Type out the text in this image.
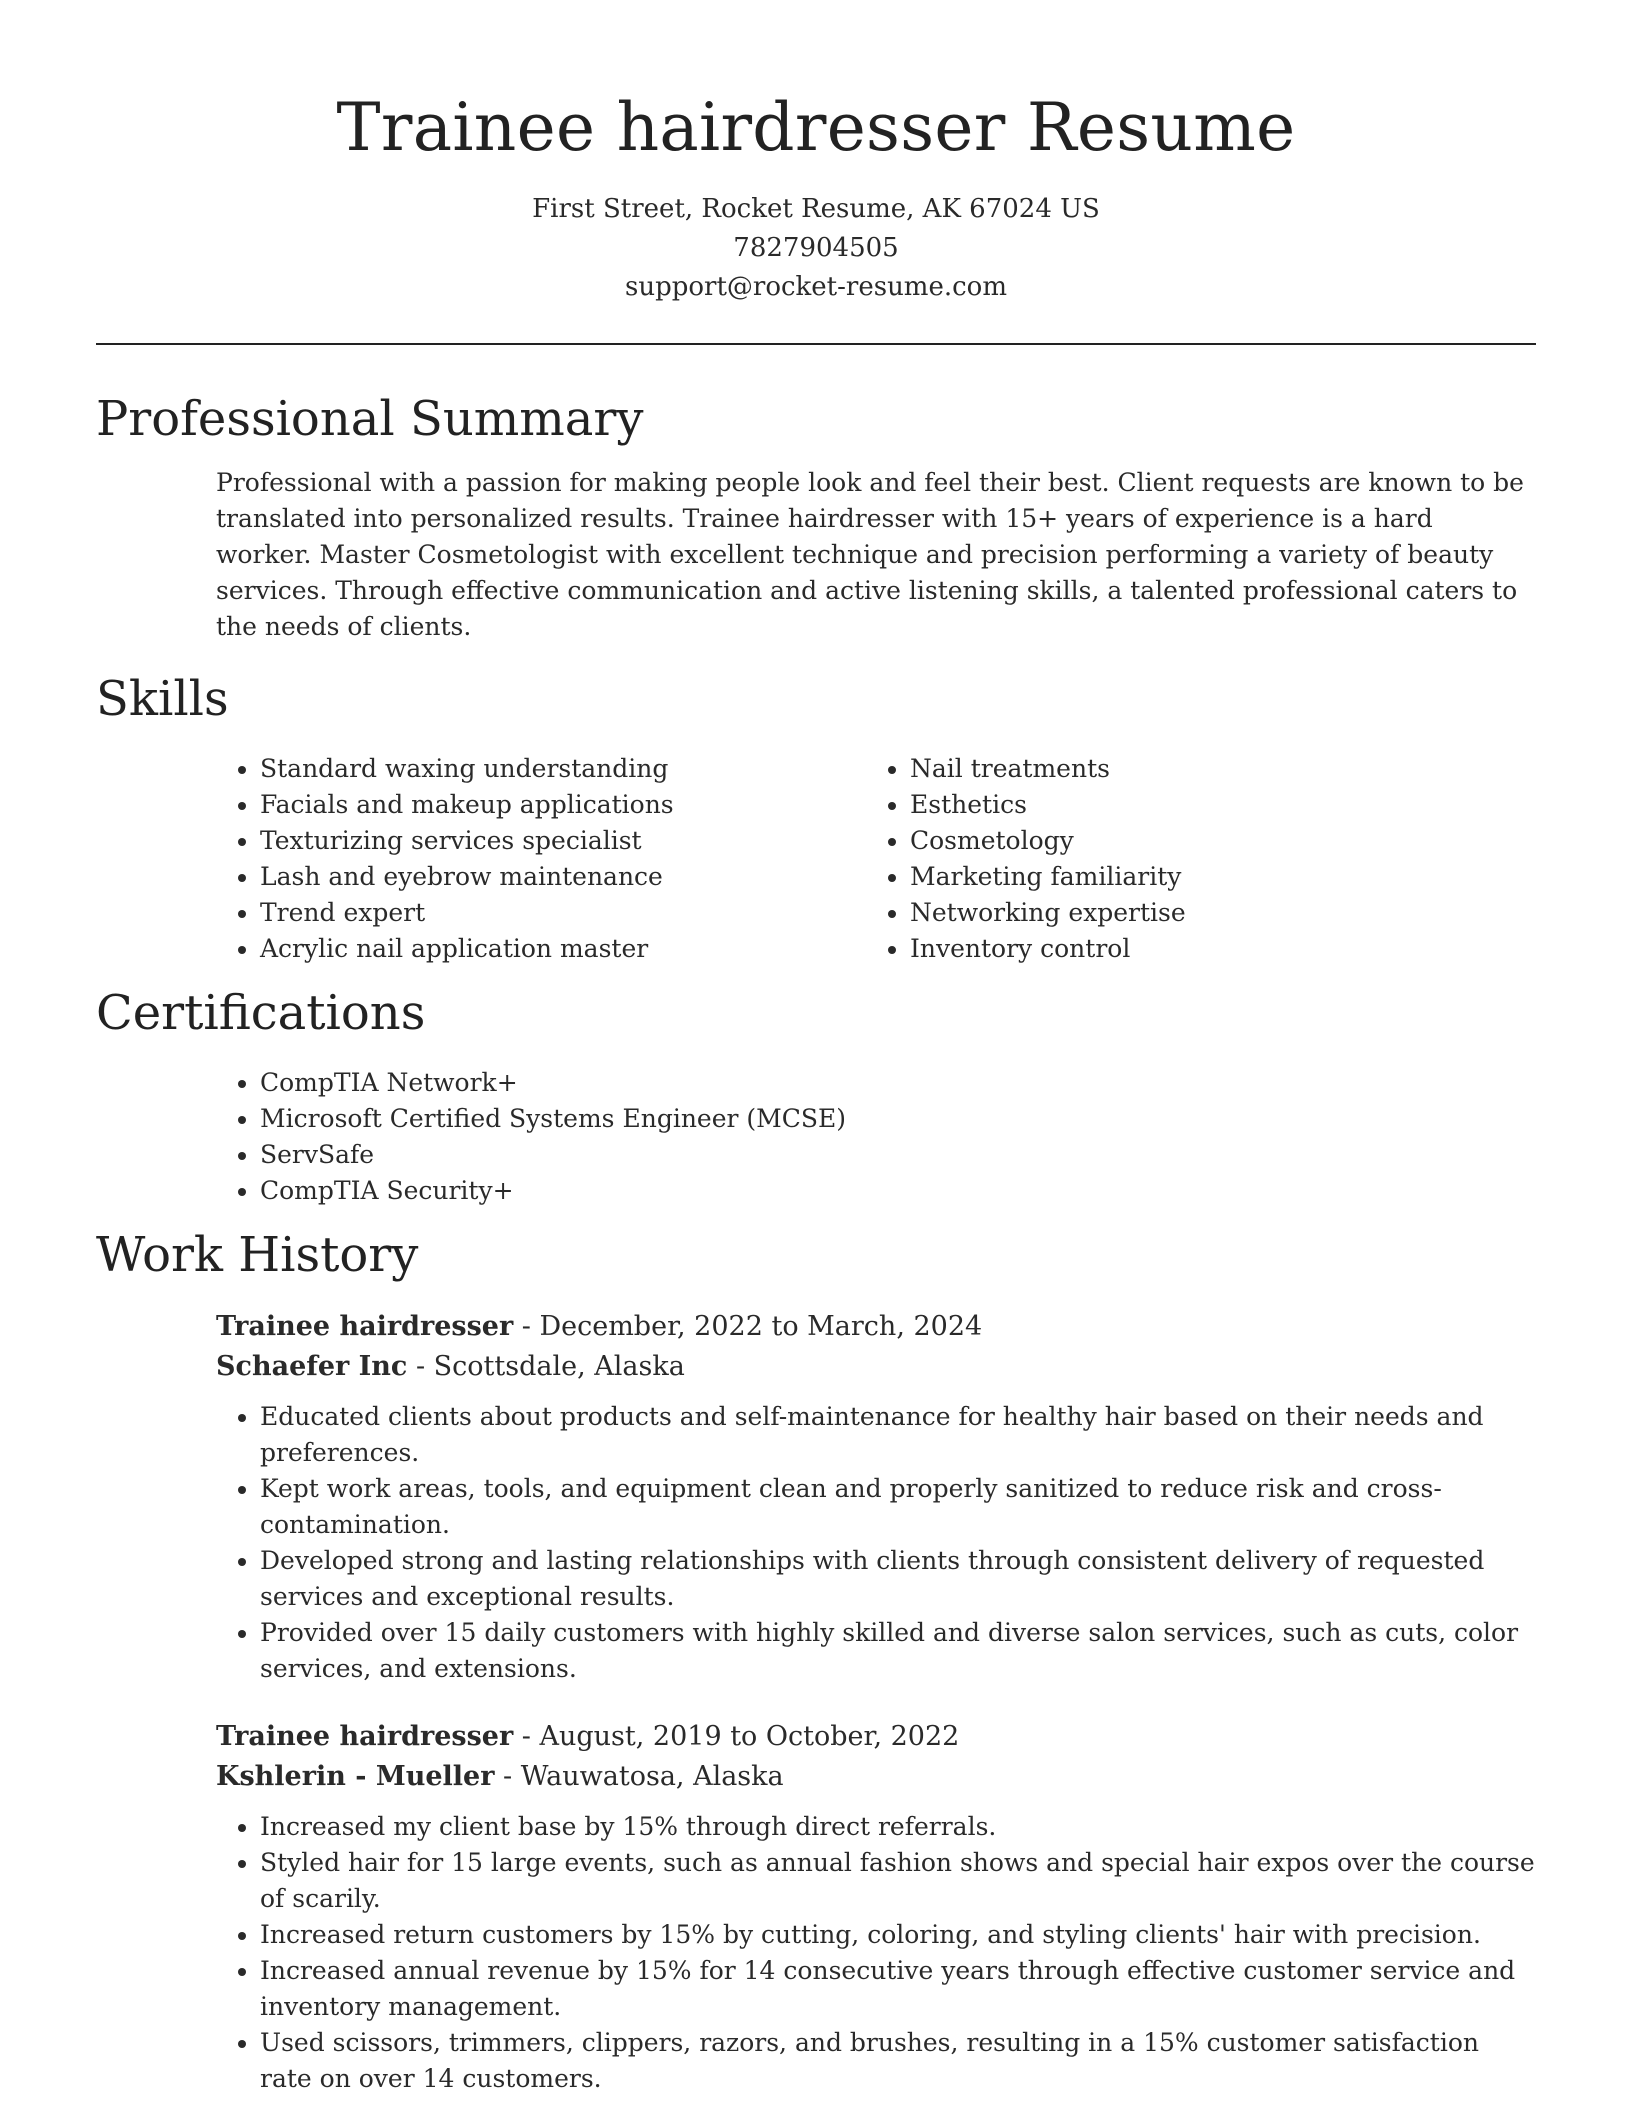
Trainee hairdresser Resume

First Street, Rocket Resume, AK 67024 US

7827904505

support@rocket-resume.com

Professional Summary

Professional with a passion for making people look and feel their best. Client requests are known to be translated into personalized results. Trainee hairdresser with 15+ years of experience is a hard worker. Master Cosmetologist with excellent technique and precision performing a variety of beauty services. Through effective communication and active listening skills, a talented professional caters to the needs of clients.

Skills
• Standard waxing understanding
• Facials and makeup applications
• Texturizing services specialist
• Lash and eyebrow maintenance
• Trend expert
• Acrylic nail application master
• Nail treatments
• Esthetics
• Cosmetology
• Marketing familiarity
• Networking expertise
• Inventory control
Certifications
• CompTIA Network+
• Microsoft Certified Systems Engineer (MCSE)
• ServSafe
• CompTIA Security+
Work History

Trainee hairdresser - December, 2022 to March, 2024

Schaefer Inc - Scottsdale, Alaska

• Educated clients about products and self-maintenance for healthy hair based on their needs and preferences.
• Kept work areas, tools, and equipment clean and properly sanitized to reduce risk and cross-contamination.
• Developed strong and lasting relationships with clients through consistent delivery of requested services and exceptional results.
• Provided over 15 daily customers with highly skilled and diverse salon services, such as cuts, color services, and extensions.

Trainee hairdresser - August, 2019 to October, 2022

Kshlerin - Mueller - Wauwatosa, Alaska

• Increased my client base by 15% through direct referrals.
• Styled hair for 15 large events, such as annual fashion shows and special hair expos over the course of scarily.
• Increased return customers by 15% by cutting, coloring, and styling clients' hair with precision.
• Increased annual revenue by 15% for 14 consecutive years through effective customer service and inventory management.
• Used scissors, trimmers, clippers, razors, and brushes, resulting in a 15% customer satisfaction rate on over 14 customers.
